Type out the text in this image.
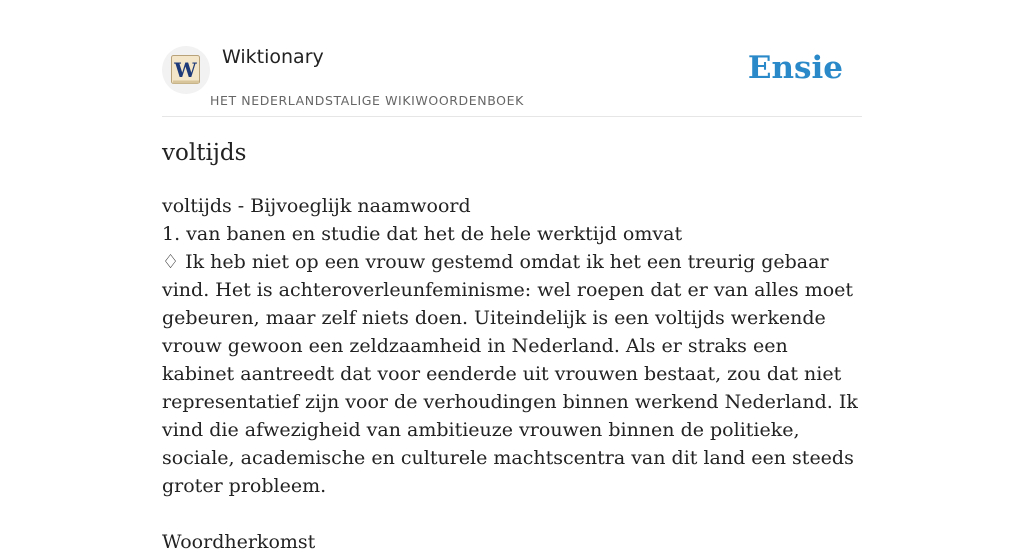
W
Wiktionary
HET NEDERLANDSTALIGE WIKIWOORDENBOEK
Ensie
voltijds

voltijds - Bijvoeglijk naamwoord

1. van banen en studie dat het de hele werktijd omvat

♢ Ik heb niet op een vrouw gestemd omdat ik het een treurig gebaar vind. Het is achteroverleunfeminisme: wel roepen dat er van alles moet gebeuren, maar zelf niets doen. Uiteindelijk is een voltijds werkende vrouw gewoon een zeldzaamheid in Nederland. Als er straks een kabinet aantreedt dat voor eenderde uit vrouwen bestaat, zou dat niet representatief zijn voor de verhoudingen binnen werkend Nederland. Ik vind die afwezigheid van ambitieuze vrouwen binnen de politieke, sociale, academische en culturele machtscentra van dit land een steeds groter probleem.

Woordherkomst
